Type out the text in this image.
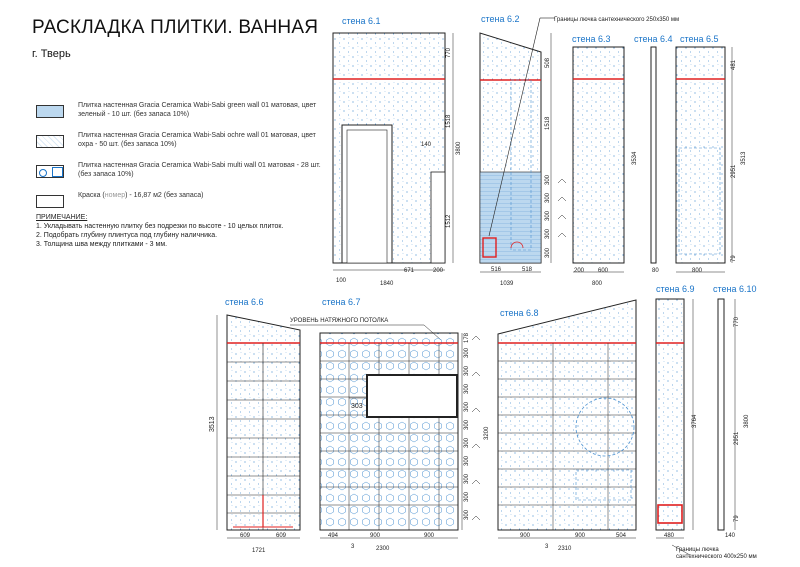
РАСКЛАДКА ПЛИТКИ. ВАННАЯ
г. Тверь
Плитка настенная Gracia Ceramica Wabi-Sabi green wall 01 матовая, цвет зеленый - 10 шт. (без запаса 10%)
Плитка настенная Gracia Ceramica Wabi-Sabi ochre wall 01 матовая, цвет охра - 50 шт. (без запаса 10%)
Плитка настенная Gracia Ceramica Wabi-Sabi multi wall 01 матовая - 28 шт. (без запаса 10%)
Краска (номер) - 16,87 м2 (без запаса)
ПРИМЕЧАНИЕ:
1. Укладывать настенную плитку без подрезки по высоте - 10 целых плиток.
2. Подобрать глубину плинтуса под глубину наличника.
3. Толщина шва между плитками - 3 мм.
стена 6.1
770
1518
3800
1512
140
100
671	200
1840
стена 6.2	Границы лючка сантехнического 250х350 мм
508
1518
300
300
300
300
300
516	518
1039
стена 6.3
3534
200 600
800
стена 6.4
80
стена 6.5
481
2951
3513
79
800
стена 6.6
3513
609	609
1721
стена 6.7
УРОВЕНЬ НАТЯЖНОГО ПОТОЛКА
303
178
300
300
300
300
300
300
300
300
300
300
3200
494	900	900
2300
3
стена 6.8
900	900	504
2310
3
стена 6.9
3764
480
Границы лючка
сантехнического 400х250 мм
стена 6.10
770
2951
3800
79
140
